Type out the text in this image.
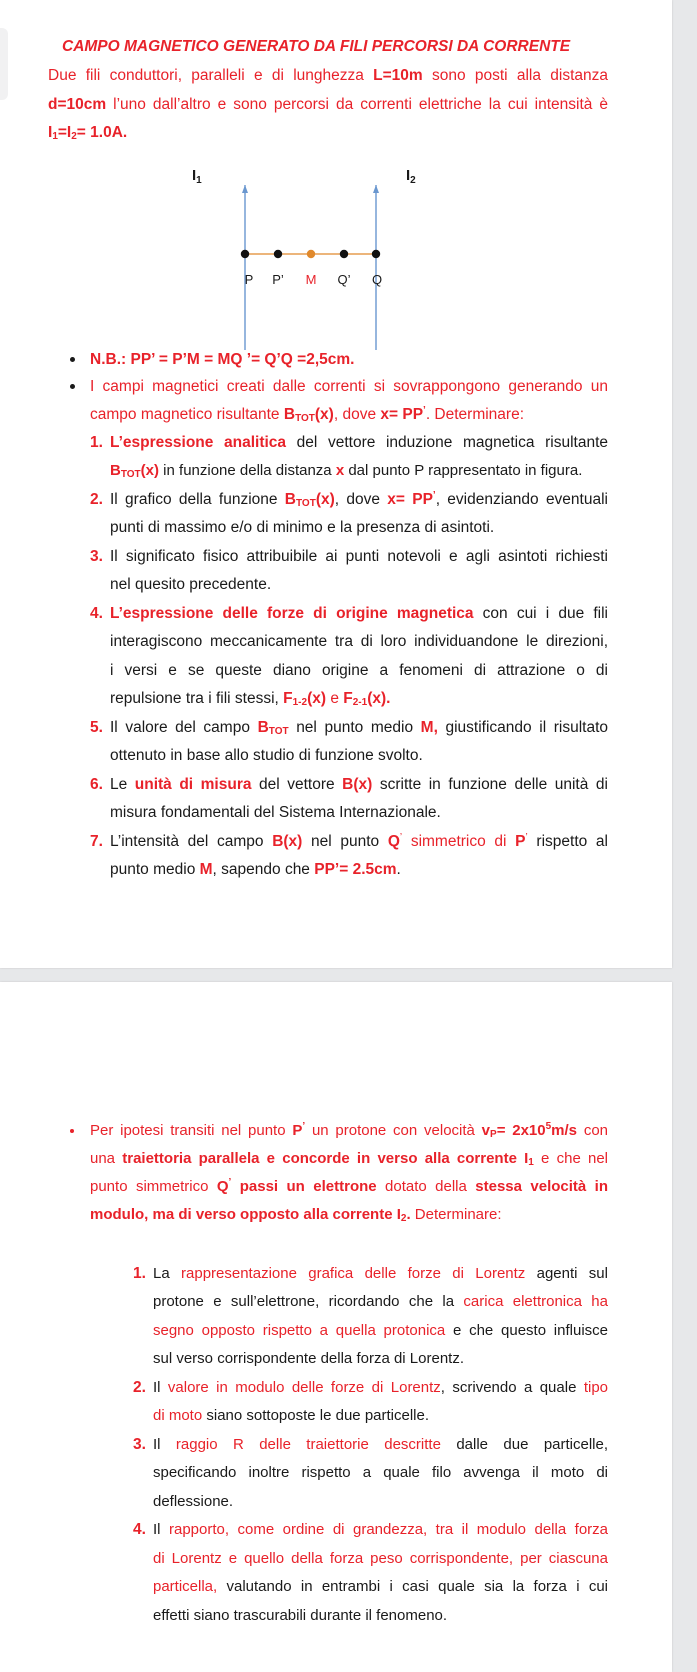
CAMPO MAGNETICO GENERATO DA FILI PERCORSI DA CORRENTE
Due fili conduttori, paralleli e di lunghezza L=10m sono posti alla distanza
d=10cm l’uno dall’altro e sono percorsi da correnti elettriche la cui intensità è
$I_1=I_2= 1.0A$.
$I_1$	$I_2$
P P’ M Q’ Q
N.B.: PP’ = P’M = MQ ’= Q’Q =2,5cm.
I campi magnetici creati dalle correnti si sovrappongono generando un
campo magnetico risultante $B_{TOT}(x)$, dove x= PP’. Determinare:
1. L’espressione analitica del vettore induzione magnetica risultante
$B_{TOT}(x)$ in funzione della distanza x dal punto P rappresentato in figura.
2. Il grafico della funzione $B_{TOT}(x)$, dove x= PP’, evidenziando eventuali
punti di massimo e/o di minimo e la presenza di asintoti.
3. Il significato fisico attribuibile ai punti notevoli e agli asintoti richiesti
nel quesito precedente.
4. L’espressione delle forze di origine magnetica con cui i due fili
interagiscono meccanicamente tra di loro individuandone le direzioni,
i versi e se queste diano origine a fenomeni di attrazione o di
repulsione tra i fili stessi, $F_{1-2}(x)$ e $F_{2-1}(x)$.
5. Il valore del campo $B_{TOT}$ nel punto medio M, giustificando il risultato
ottenuto in base allo studio di funzione svolto.
6. Le unità di misura del vettore B(x) scritte in funzione delle unità di
misura fondamentali del Sistema Internazionale.
7. L’intensità del campo B(x) nel punto Q’ simmetrico di P’ rispetto al
punto medio M, sapendo che PP’= 2.5cm.
Per ipotesi transiti nel punto P’ un protone con velocità $v_P= 2x10^5m/s$ con
una traiettoria parallela e concorde in verso alla corrente $I_1$ e che nel
punto simmetrico Q’ passi un elettrone dotato della stessa velocità in
modulo, ma di verso opposto alla corrente $I_2$. Determinare:
1. La rappresentazione grafica delle forze di Lorentz agenti sul
protone e sull’elettrone, ricordando che la carica elettronica ha
segno opposto rispetto a quella protonica e che questo influisce
sul verso corrispondente della forza di Lorentz.
2. Il valore in modulo delle forze di Lorentz, scrivendo a quale tipo
di moto siano sottoposte le due particelle.
3. Il raggio R delle traiettorie descritte dalle due particelle,
specificando inoltre rispetto a quale filo avvenga il moto di
deflessione.
4. Il rapporto, come ordine di grandezza, tra il modulo della forza
di Lorentz e quello della forza peso corrispondente, per ciascuna
particella, valutando in entrambi i casi quale sia la forza i cui
effetti siano trascurabili durante il fenomeno.
